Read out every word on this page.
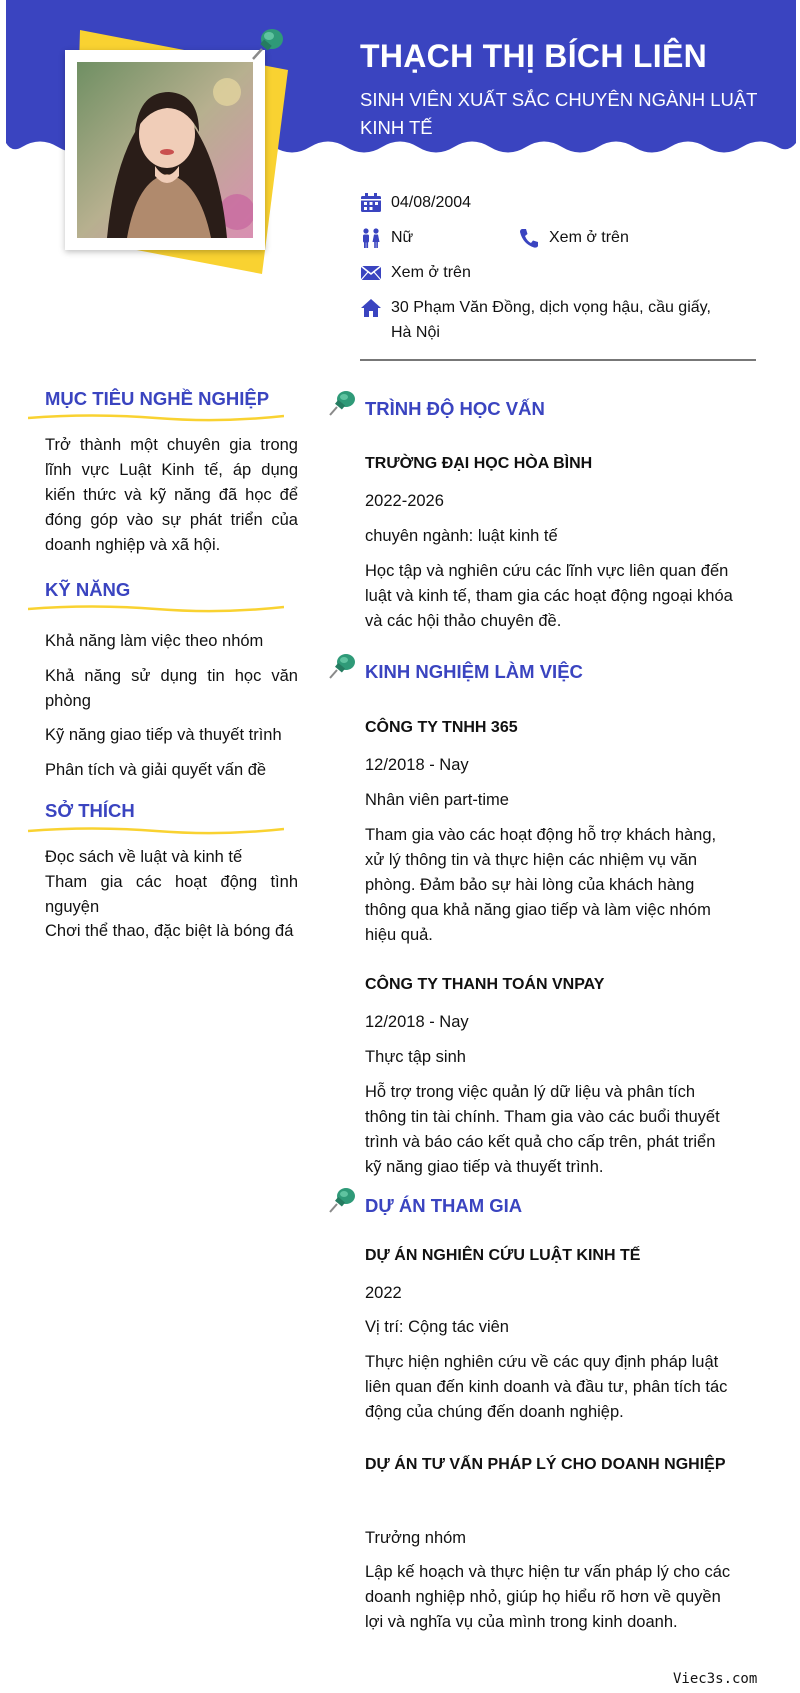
THẠCH THỊ BÍCH LIÊN
SINH VIÊN XUẤT SẮC CHUYÊN NGÀNH LUẬT KINH TẾ
04/08/2004
Nữ	Xem ở trên
Xem ở trên
30 Phạm Văn Đồng, dịch vọng hậu, cầu giấy, Hà Nội
MỤC TIÊU NGHỀ NGHIỆP
Trở thành một chuyên gia trong lĩnh vực Luật Kinh tế, áp dụng kiến thức và kỹ năng đã học để đóng góp vào sự phát triển của doanh nghiệp và xã hội.
KỸ NĂNG
Khả năng làm việc theo nhóm
Khả năng sử dụng tin học văn phòng
Kỹ năng giao tiếp và thuyết trình
Phân tích và giải quyết vấn đề
SỞ THÍCH
Đọc sách về luật và kinh tế
Tham gia các hoạt động tình nguyện
Chơi thể thao, đặc biệt là bóng đá
TRÌNH ĐỘ HỌC VẤN
TRƯỜNG ĐẠI HỌC HÒA BÌNH
2022-2026
chuyên ngành: luật kinh tế
Học tập và nghiên cứu các lĩnh vực liên quan đến luật và kinh tế, tham gia các hoạt động ngoại khóa và các hội thảo chuyên đề.
KINH NGHIỆM LÀM VIỆC
CÔNG TY TNHH 365
12/2018 - Nay
Nhân viên part-time
Tham gia vào các hoạt động hỗ trợ khách hàng, xử lý thông tin và thực hiện các nhiệm vụ văn phòng. Đảm bảo sự hài lòng của khách hàng thông qua khả năng giao tiếp và làm việc nhóm hiệu quả.
CÔNG TY THANH TOÁN VNPAY
12/2018 - Nay
Thực tập sinh
Hỗ trợ trong việc quản lý dữ liệu và phân tích thông tin tài chính. Tham gia vào các buổi thuyết trình và báo cáo kết quả cho cấp trên, phát triển kỹ năng giao tiếp và thuyết trình.
DỰ ÁN THAM GIA
DỰ ÁN NGHIÊN CỨU LUẬT KINH TẾ
2022
Vị trí: Cộng tác viên
Thực hiện nghiên cứu về các quy định pháp luật liên quan đến kinh doanh và đầu tư, phân tích tác động của chúng đến doanh nghiệp.
DỰ ÁN TƯ VẤN PHÁP LÝ CHO DOANH NGHIỆP
Trưởng nhóm
Lập kế hoạch và thực hiện tư vấn pháp lý cho các doanh nghiệp nhỏ, giúp họ hiểu rõ hơn về quyền lợi và nghĩa vụ của mình trong kinh doanh.
Viec3s.com
